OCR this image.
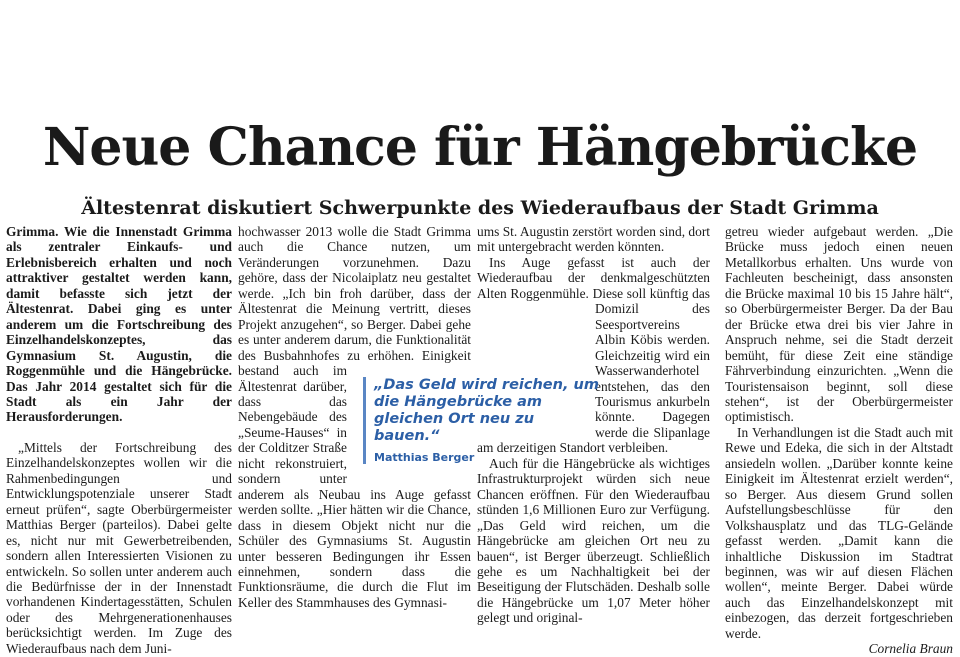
Neue Chance für Hängebrücke
Ältestenrat diskutiert Schwerpunkte des Wiederaufbaus der Stadt Grimma

Grimma. Wie die Innenstadt Grimma als zentraler Einkaufs- und Erlebnisbereich erhalten und noch attraktiver gestaltet werden kann, damit befasste sich jetzt der Ältestenrat. Dabei ging es unter anderem um die Fortschreibung des Einzelhandelskonzeptes, das Gymnasium St. Augustin, die Roggenmühle und die Hängebrücke. Das Jahr 2014 gestaltet sich für die Stadt als ein Jahr der Herausforderungen.

„Mittels der Fortschreibung des Einzelhandelskonzeptes wollen wir die Rahmenbedingungen und Entwicklungspotenziale unserer Stadt erneut prüfen“, sagte Oberbürgermeister Matthias Berger (parteilos). Dabei gelte es, nicht nur mit Gewerbetreibenden, sondern allen Interessierten Visionen zu entwickeln. So sollen unter anderem auch die Bedürfnisse der in der Innenstadt vorhandenen Kindertagesstätten, Schulen oder des Mehrgenerationenhauses berücksichtigt werden. Im Zuge des Wiederaufbaus nach dem Juni-

hochwasser 2013 wolle die Stadt Grimma auch die Chance nutzen, um Veränderungen vorzunehmen. Dazu gehöre, dass der Nicolaiplatz neu gestaltet werde. „Ich bin froh darüber, dass der Ältestenrat die Meinung vertritt, dieses Projekt anzugehen“, so Berger. Dabei gehe es unter anderem darum, die Funktionalität des Busbahnhofes zu erhöhen. Einigkeit bestand auch im Ältestenrat darüber, dass das Nebengebäude des „Seume-Hauses“ in der Colditzer Straße nicht rekonstruiert, sondern unter anderem als Neubau ins Auge gefasst werden sollte. „Hier hätten wir die Chance, dass in diesem Objekt nicht nur die Schüler des Gymnasiums St. Augustin unter besseren Bedingungen ihr Essen einnehmen, sondern dass die Funktionsräume, die durch die Flut im Keller des Stammhauses des Gymnasi-

ums St. Augustin zerstört worden sind, dort mit untergebracht werden könnten.

Ins Auge gefasst ist auch der Wiederaufbau der denkmalgeschützten Alten Roggenmühle. Diese soll künftig das Domizil des Seesportvereins Albin Köbis werden. Gleichzeitig wird ein Wasserwanderhotel entstehen, das den Tourismus ankurbeln könnte. Dagegen werde die Slipanlage am derzeitigen Standort verbleiben.

Auch für die Hängebrücke als wichtiges Infrastrukturprojekt würden sich neue Chancen eröffnen. Für den Wiederaufbau stünden 1,6 Millionen Euro zur Verfügung. „Das Geld wird reichen, um die Hängebrücke am gleichen Ort neu zu bauen“, ist Berger überzeugt. Schließlich gehe es um Nachhaltigkeit bei der Beseitigung der Flutschäden. Deshalb solle die Hängebrücke um 1,07 Meter höher gelegt und original-

getreu wieder aufgebaut werden. „Die Brücke muss jedoch einen neuen Metallkorbus erhalten. Uns wurde von Fachleuten bescheinigt, dass ansonsten die Brücke maximal 10 bis 15 Jahre hält“, so Oberbürgermeister Berger. Da der Bau der Brücke etwa drei bis vier Jahre in Anspruch nehme, sei die Stadt derzeit bemüht, für diese Zeit eine ständige Fährverbindung einzurichten. „Wenn die Touristensaison beginnt, soll diese stehen“, ist der Oberbürgermeister optimistisch.

In Verhandlungen ist die Stadt auch mit Rewe und Edeka, die sich in der Altstadt ansiedeln wollen. „Darüber konnte keine Einigkeit im Ältestenrat erzielt werden“, so Berger. Aus diesem Grund sollen Aufstellungsbeschlüsse für den Volkshausplatz und das TLG-Gelände gefasst werden. „Damit kann die inhaltliche Diskussion im Stadtrat beginnen, was wir auf diesen Flächen wollen“, meinte Berger. Dabei würde auch das Einzelhandelskonzept mit einbezogen, das derzeit fortgeschrieben werde.

Cornelia Braun

„Das Geld wird reichen, um die Hängebrücke am gleichen Ort neu zu bauen.“

Matthias Berger
